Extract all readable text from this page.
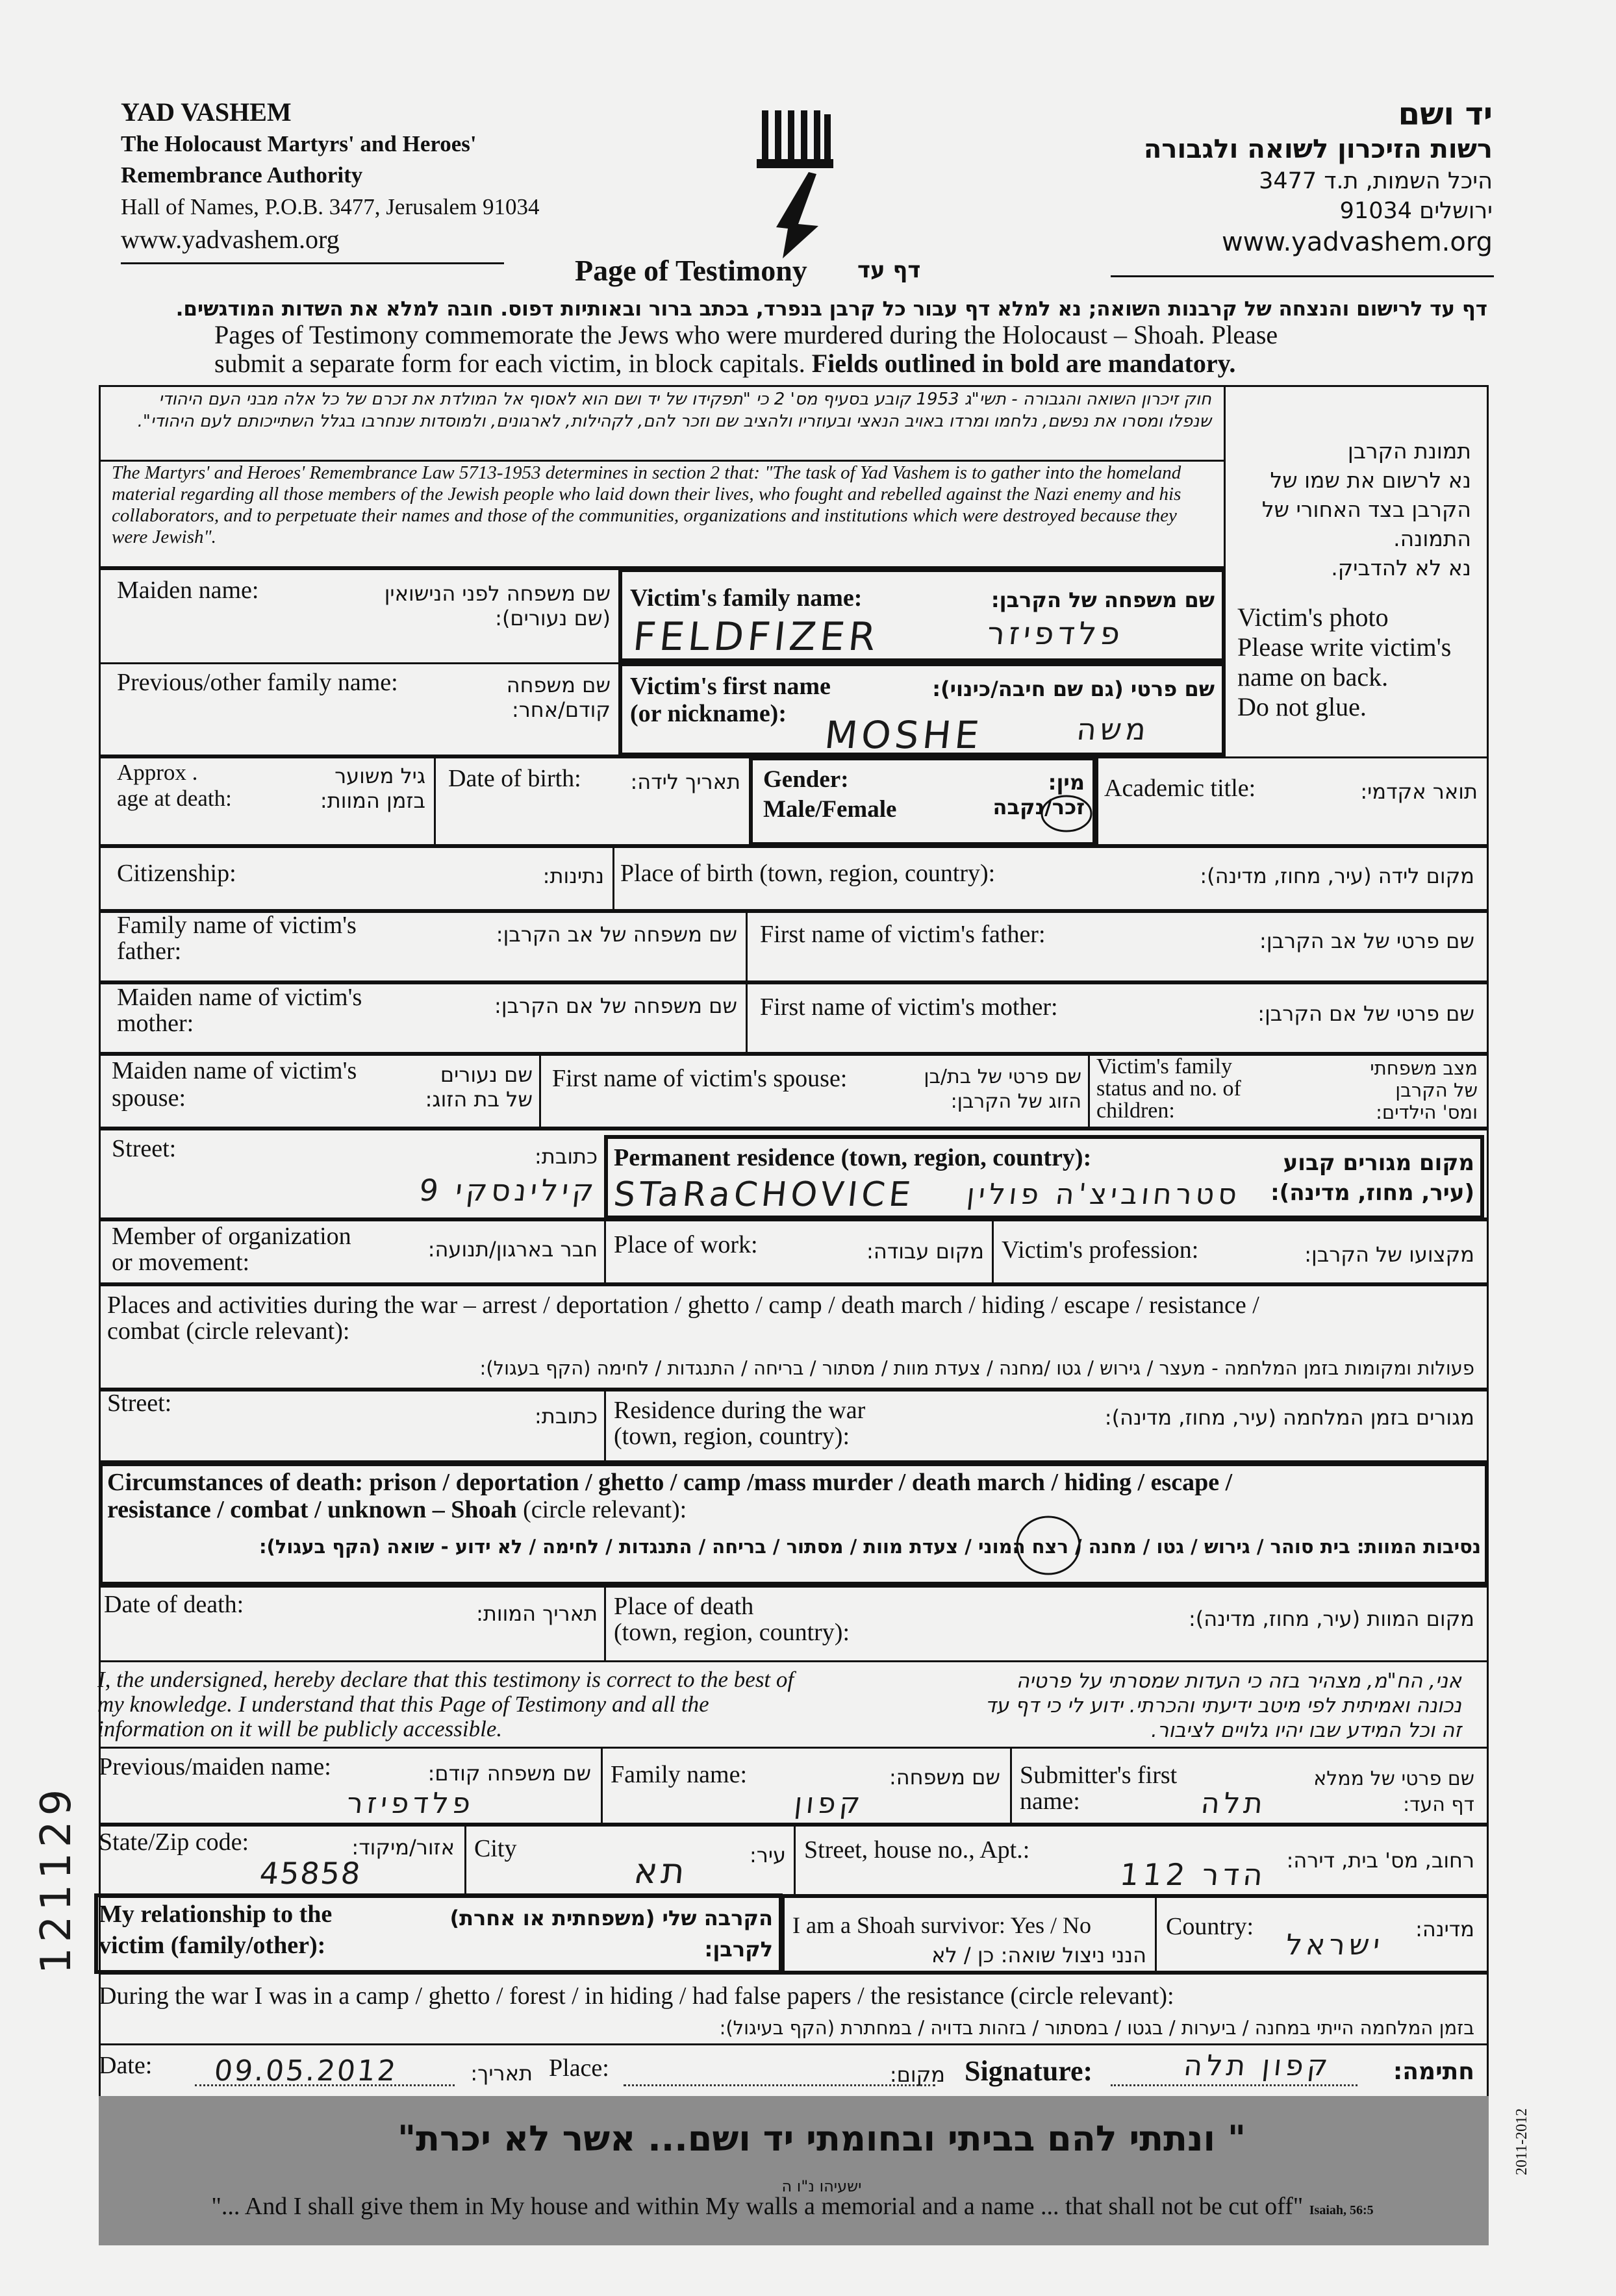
YAD VASHEM
The Holocaust Martyrs' and Heroes'
Remembrance Authority
Hall of Names, P.O.B. 3477, Jerusalem 91034
www.yadvashem.org
יד ושם
רשות הזיכרון לשואה ולגבורה
היכל השמות, ת.ד 3477
ירושלים 91034
www.yadvashem.org
Page of Testimony דף עד
דף עד לרישום והנצחה של קרבנות השואה; נא למלא דף עבור כל קרבן בנפרד, בכתב ברור ובאותיות דפוס. חובה למלא את השדות המודגשים.
Pages of Testimony commemorate the Jews who were murdered during the Holocaust – Shoah. Please
submit a separate form for each victim, in block capitals. Fields outlined in bold are mandatory.
חוק זיכרון השואה והגבורה - תשי"ג 1953 קובע בסעיף מס' 2 כי "תפקידו של יד ושם הוא לאסוף אל המולדת את זכרם של כל אלה מבני העם היהודי שנפלו ומסרו את נפשם, נלחמו ומרדו באויב הנאצי ובעוזריו ולהציב שם וזכר להם, לקהילות, לארגונים, ולמוסדות שנחרבו בגלל השתייכותם לעם היהודי".
The Martyrs' and Heroes' Remembrance Law 5713-1953 determines in section 2 that: "The task of Yad Vashem is to gather into the homeland material regarding all those members of the Jewish people who laid down their lives, who fought and rebelled against the Nazi enemy and his collaborators, and to perpetuate their names and those of the communities, organizations and institutions which were destroyed because they were Jewish".
תמונת הקרבן
נא לרשום את שמו של
הקרבן בצד האחורי של
התמונה.
נא לא להדביק.
Victim's photo
Please write victim's
name on back.
Do not glue.
Maiden name:	שם משפחה לפני הנישואין (שם נעורים):
Victim's family name:	שם משפחה של הקרבן:
FELDFIZER	פלדפיזר
Previous/other family name:	שם משפחה
קודם/אחר:
Victim's first name
(or nickname):
שם פרטי (גם שם חיבה/כינוי):
MOSHE	משה
Approx .
age at death:
גיל משוער
בזמן המוות:
Date of birth:	תאריך לידה: Gender:
Male/Female
מין:
זכר/נקבה
Academic title:	תואר אקדמי:
Citizenship:	נתינות: Place of birth (town, region, country):	מקום לידה (עיר, מחוז, מדינה):
Family name of victim's
father:
שם משפחה של אב הקרבן: First name of victim's father:	שם פרטי של אב הקרבן:
Maiden name of victim's
mother:
שם משפחה של אם הקרבן: First name of victim's mother:	שם פרטי של אם הקרבן:
Maiden name of victim's
spouse:
שם נעורים
של בת הזוג:
First name of victim's spouse:	שם פרטי של בת/בן
הזוג של הקרבן:
Victim's family
status and no. of
children:
מצב משפחתי
של הקרבן
ומס' הילדים:
Street:	כתובת:
קילינסקי 9
Permanent residence (town, region, country):	מקום מגורים קבוע
(עיר, מחוז, מדינה):
STaRaCHOVICE	סטרחוביצ'ה פולין
Member of organization
or movement:	חבר בארגון/תנועה: Place of work:	מקום עבודה: Victim's profession:	מקצועו של הקרבן:
Places and activities during the war – arrest / deportation / ghetto / camp / death march / hiding / escape / resistance /
combat (circle relevant):
פעולות ומקומות בזמן המלחמה - מעצר / גירוש / גטו /מחנה / צעדת מוות / מסתור / בריחה / התנגדות / לחימה (הקף בעגול):
Street:	כתובת: Residence during the war
(town, region, country):
מגורים בזמן המלחמה (עיר, מחוז, מדינה):
Circumstances of death: prison / deportation / ghetto / camp /mass murder / death march / hiding / escape /
resistance / combat / unknown – Shoah (circle relevant):
נסיבות המוות: בית סוהר / גירוש / גטו / מחנה / רצח המוני / צעדת מוות / מסתור / בריחה / התנגדות / לחימה / לא ידוע - שואה (הקף בעגול):
Date of death:	תאריך המוות: Place of death
(town, region, country):	מקום המוות (עיר, מחוז, מדינה):
I, the undersigned, hereby declare that this testimony is correct to the best of
my knowledge. I understand that this Page of Testimony and all the
information on it will be publicly accessible.
אני, הח"מ, מצהיר בזה כי העדות שמסרתי על פרטיה
נכונה ואמיתית לפי מיטב ידיעתי והכרתי. ידוע לי כי דף עד
זה וכל המידע שבו יהיו גלויים לציבור.
Previous/maiden name:	שם משפחה קודם:
פלדפיזר
Family name:	שם משפחה:
קפון
Submitter's first
name:
שם פרטי של ממלא
דף העד:
תלה
State/Zip code:	אזור/מיקוד:
45858
City	עיר:
תא
Street, house no., Apt.:	רחוב, מס' בית, דירה:
הדר 112
My relationship to the
victim (family/other):
הקרבה שלי (משפחתית או אחרת)
לקרבן:
I am a Shoah survivor: Yes / No
הנני ניצול שואה: כן / לא
Country:	מדינה:
ישראל
During the war I was in a camp / ghetto / forest / in hiding / had false papers / the resistance (circle relevant):
בזמן המלחמה הייתי במחנה / ביערות / בגטו / במסתור / בזהות בדויה / במחתרת (הקף בעיגול):
Date: 09.05.2012	תאריך: Place:	מקום: Signature:	קפון תלה	חתימה:
" ונתתי להם בביתי ובחומתי יד ושם... אשר לא יכרת" ישעיהו נ"ו ה
"... And I shall give them in My house and within My walls a memorial and a name ... that shall not be cut off" Isaiah, 56:5
2011-2012
121129
